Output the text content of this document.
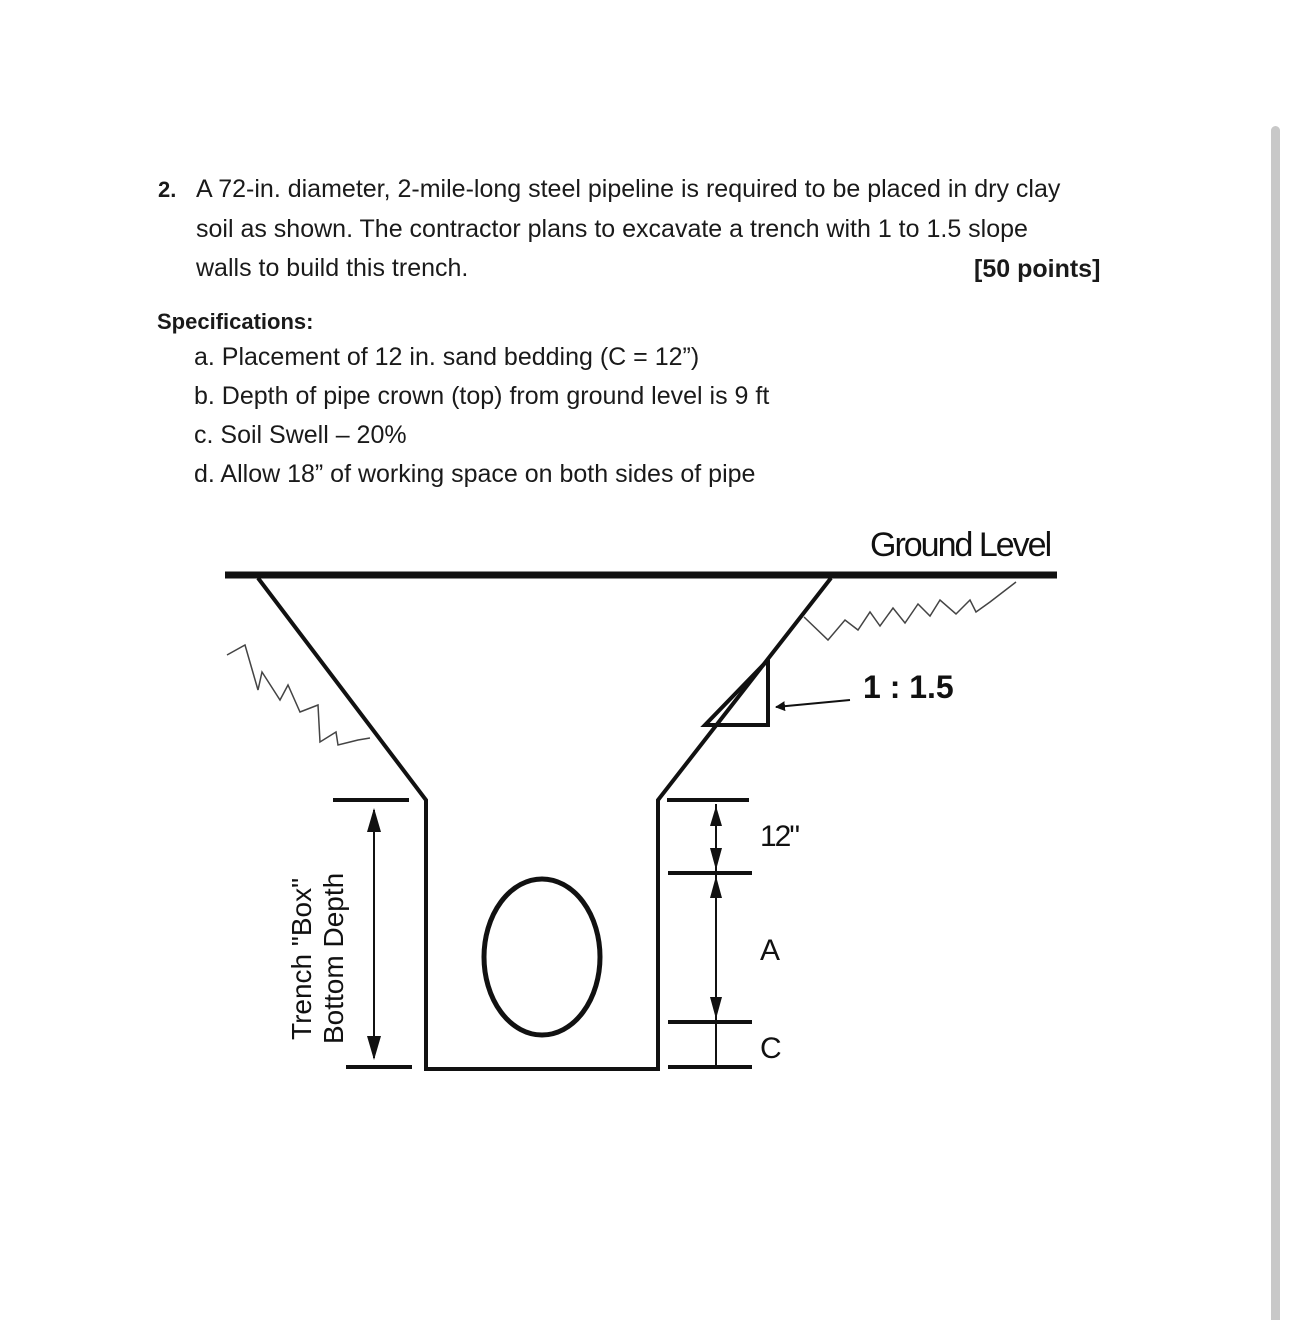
2. A 72-in. diameter, 2-mile-long steel pipeline is required to be placed in dry clay
soil as shown. The contractor plans to excavate a trench with 1 to 1.5 slope
walls to build this trench.	[50 points]
Specifications:
a. Placement of 12 in. sand bedding (C = 12”)
b. Depth of pipe crown (top) from ground level is 9 ft
c. Soil Swell – 20%
d. Allow 18” of working space on both sides of pipe
Ground Level
1 : 1.5
Trench "Box" Bottom Depth
12"
A
C
